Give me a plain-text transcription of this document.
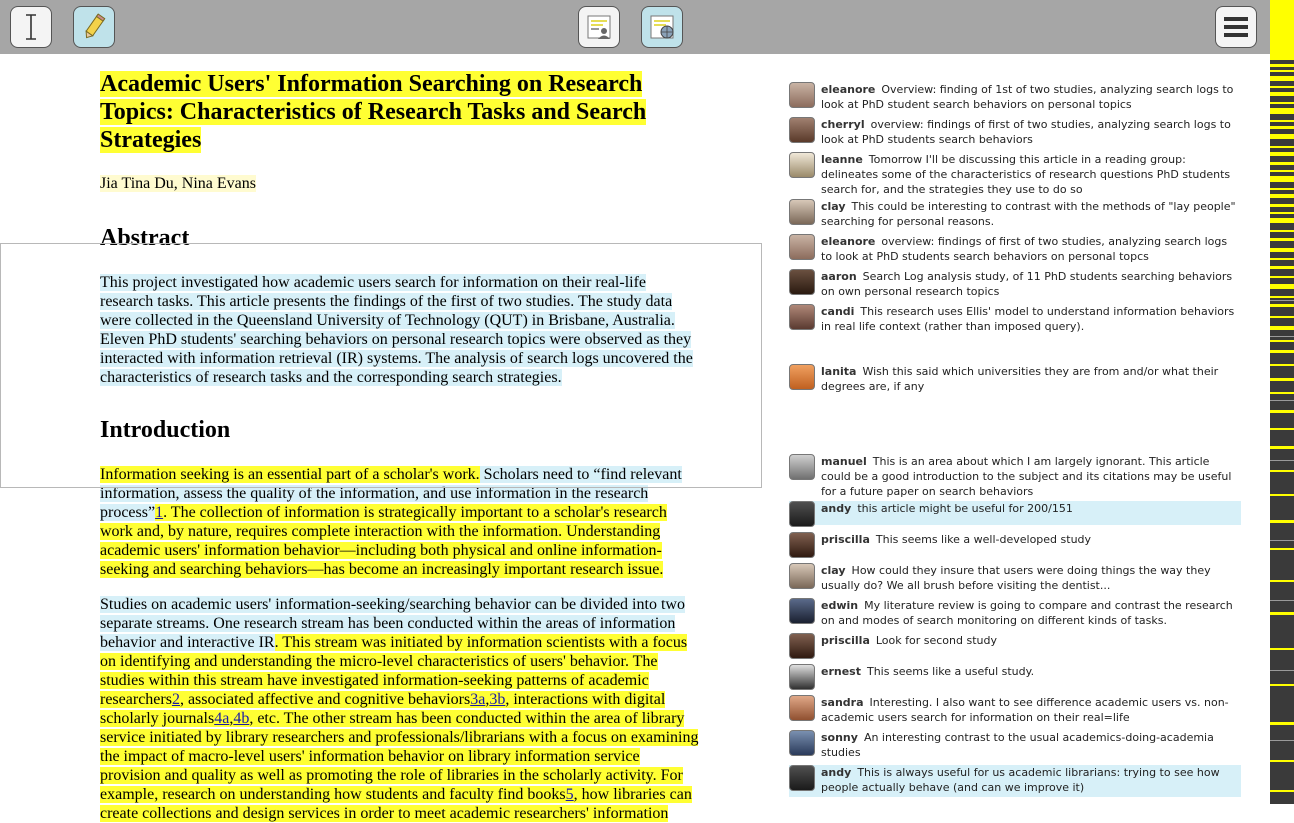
Academic Users' Information Searching on Research
Topics: Characteristics of Research Tasks and Search
Strategies
Jia Tina Du, Nina Evans
Abstract
This project investigated how academic users search for information on their real-life
research tasks. This article presents the findings of the first of two studies. The study data
were collected in the Queensland University of Technology (QUT) in Brisbane, Australia.
Eleven PhD students' searching behaviors on personal research topics were observed as they
interacted with information retrieval (IR) systems. The analysis of search logs uncovered the
characteristics of research tasks and the corresponding search strategies.
Introduction
Information seeking is an essential part of a scholar's work. Scholars need to “find relevant
information, assess the quality of the information, and use information in the research
process”1. The collection of information is strategically important to a scholar's research
work and, by nature, requires complete interaction with the information. Understanding
academic users' information behavior—including both physical and online information-
seeking and searching behaviors—has become an increasingly important research issue.
Studies on academic users' information-seeking/searching behavior can be divided into two
separate streams. One research stream has been conducted within the areas of information
behavior and interactive IR. This stream was initiated by information scientists with a focus
on identifying and understanding the micro-level characteristics of users' behavior. The
studies within this stream have investigated information-seeking patterns of academic
researchers2, associated affective and cognitive behaviors3a,3b, interactions with digital
scholarly journals4a,4b, etc. The other stream has been conducted within the area of library
service initiated by library researchers and professionals/librarians with a focus on examining
the impact of macro-level users' information behavior on library information service
provision and quality as well as promoting the role of libraries in the scholarly activity. For
example, research on understanding how students and faculty find books5, how libraries can
create collections and design services in order to meet academic researchers' information
eleanore Overview: finding of 1st of two studies, analyzing search logs to look at PhD student search behaviors on personal topics
cherryl overview: findings of first of two studies, analyzing search logs to look at PhD students search behaviors
leanne Tomorrow I'll be discussing this article in a reading group: delineates some of the characteristics of research questions PhD students search for, and the strategies they use to do so
clay This could be interesting to contrast with the methods of "lay people" searching for personal reasons.
eleanore overview: findings of first of two studies, analyzing search logs to look at PhD students search behaviors on personal topcs
aaron Search Log analysis study, of 11 PhD students searching behaviors on own personal research topics
candi This research uses Ellis' model to understand information behaviors in real life context (rather than imposed query).
lanita Wish this said which universities they are from and/or what their degrees are, if any
manuel This is an area about which I am largely ignorant. This article could be a good introduction to the subject and its citations may be useful for a future paper on search behaviors
andy this article might be useful for 200/151
priscilla This seems like a well-developed study
clay How could they insure that users were doing things the way they usually do? We all brush before visiting the dentist...
edwin My literature review is going to compare and contrast the research on and modes of search monitoring on different kinds of tasks.
priscilla Look for second study
ernest This seems like a useful study.
sandra Interesting. I also want to see difference academic users vs. non-academic users search for information on their real=life
sonny An interesting contrast to the usual academics-doing-academia studies
andy This is always useful for us academic librarians: trying to see how people actually behave (and can we improve it)
